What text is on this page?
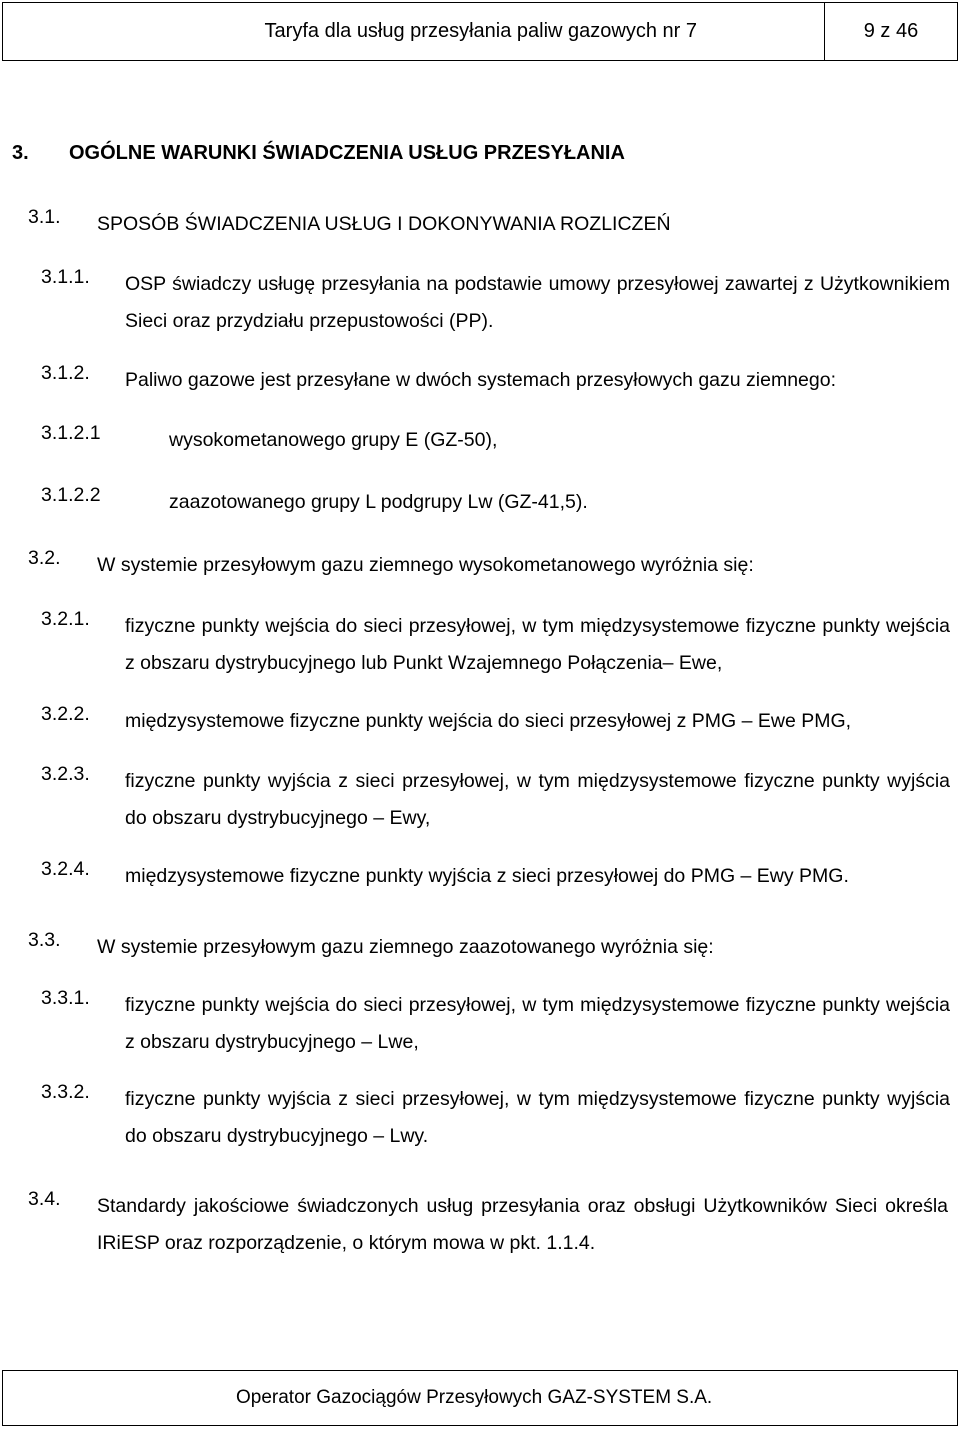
Taryfa dla usług przesyłania paliw gazowych nr 7	9 z 46
3.	OGÓLNE WARUNKI ŚWIADCZENIA USŁUG PRZESYŁANIA
3.1.	SPOSÓB ŚWIADCZENIA USŁUG I DOKONYWANIA ROZLICZEŃ
3.1.1.	OSP świadczy usługę przesyłania na podstawie umowy przesyłowej zawartej z Użytkownikiem Sieci oraz przydziału przepustowości (PP).
3.1.2.	Paliwo gazowe jest przesyłane w dwóch systemach przesyłowych gazu ziemnego:
3.1.2.1	wysokometanowego grupy E (GZ-50),
3.1.2.2	zaazotowanego grupy L podgrupy Lw (GZ-41,5).
3.2.	W systemie przesyłowym gazu ziemnego wysokometanowego wyróżnia się:
3.2.1.	fizyczne punkty wejścia do sieci przesyłowej, w tym międzysystemowe fizyczne punkty wejścia z obszaru dystrybucyjnego lub Punkt Wzajemnego Połączenia– Ewe,
3.2.2.	międzysystemowe fizyczne punkty wejścia do sieci przesyłowej z PMG – Ewe PMG,
3.2.3.	fizyczne punkty wyjścia z sieci przesyłowej, w tym międzysystemowe fizyczne punkty wyjścia do obszaru dystrybucyjnego – Ewy,
3.2.4.	międzysystemowe fizyczne punkty wyjścia z sieci przesyłowej do PMG – Ewy PMG.
3.3.	W systemie przesyłowym gazu ziemnego zaazotowanego wyróżnia się:
3.3.1.	fizyczne punkty wejścia do sieci przesyłowej, w tym międzysystemowe fizyczne punkty wejścia z obszaru dystrybucyjnego – Lwe,
3.3.2.	fizyczne punkty wyjścia z sieci przesyłowej, w tym międzysystemowe fizyczne punkty wyjścia do obszaru dystrybucyjnego – Lwy.
3.4.	Standardy jakościowe świadczonych usług przesyłania oraz obsługi Użytkowników Sieci określa IRiESP oraz rozporządzenie, o którym mowa w pkt. 1.1.4.
Operator Gazociągów Przesyłowych GAZ-SYSTEM S.A.
